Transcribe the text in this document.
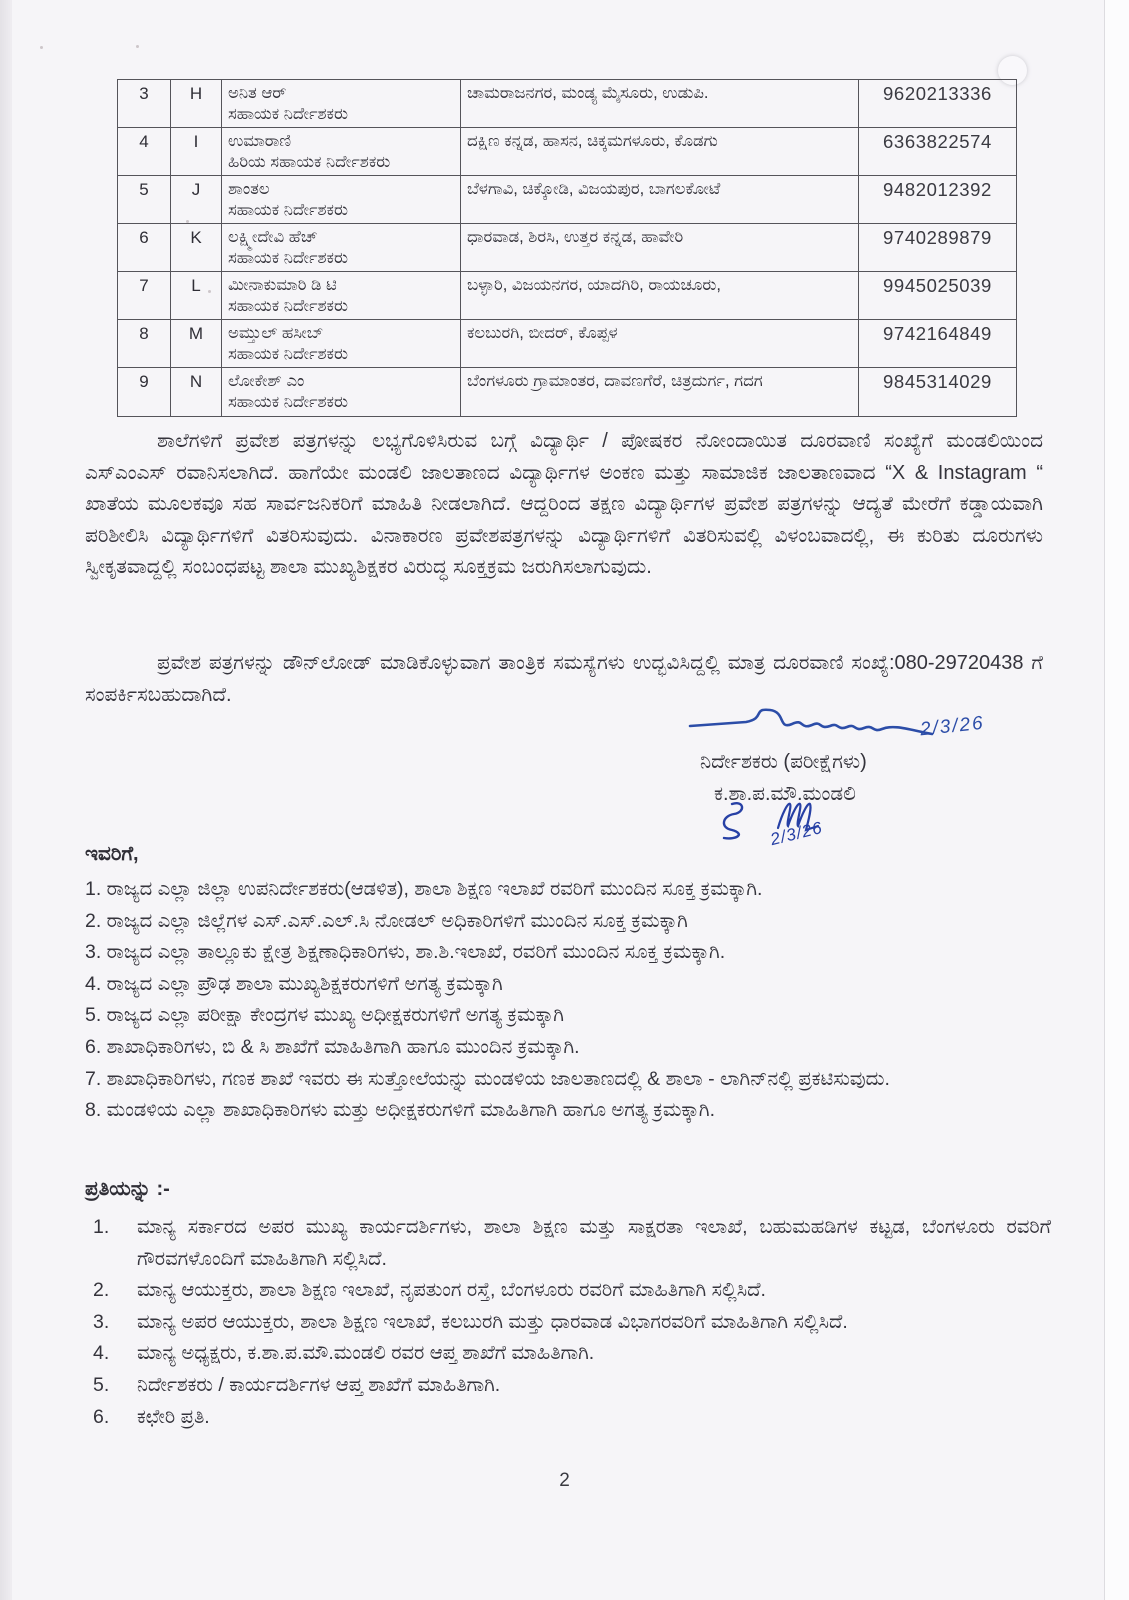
3	H	ಅನಿತ ಆರ್
ಸಹಾಯಕ ನಿರ್ದೇಶಕರು	ಚಾಮರಾಜನಗರ, ಮಂಡ್ಯ ಮೈಸೂರು, ಉಡುಪಿ.	9620213336
4	I	ಉಮಾರಾಣಿ
ಹಿರಿಯ ಸಹಾಯಕ ನಿರ್ದೇಶಕರು	ದಕ್ಷಿಣ ಕನ್ನಡ, ಹಾಸನ, ಚಿಕ್ಕಮಗಳೂರು, ಕೊಡಗು	6363822574
5	J	ಶಾಂತಲ
ಸಹಾಯಕ ನಿರ್ದೇಶಕರು	ಬೆಳಗಾವಿ, ಚಿಕ್ಕೋಡಿ, ವಿಜಯಪುರ, ಬಾಗಲಕೋಟೆ	9482012392
6	K	ಲಕ್ಷ್ಮೀದೇವಿ ಹೆಚ್
ಸಹಾಯಕ ನಿರ್ದೇಶಕರು	ಧಾರವಾಡ, ಶಿರಸಿ, ಉತ್ತರ ಕನ್ನಡ, ಹಾವೇರಿ	9740289879
7	L	ಮೀನಾಕುಮಾರಿ ಡಿ ಟಿ
ಸಹಾಯಕ ನಿರ್ದೇಶಕರು	ಬಳ್ಳಾರಿ, ವಿಜಯನಗರ, ಯಾದಗಿರಿ, ರಾಯಚೂರು,	9945025039
8	M	ಅಮ್ತುಲ್ ಹಸೀಬ್
ಸಹಾಯಕ ನಿರ್ದೇಶಕರು	ಕಲಬುರಗಿ, ಬೀದರ್, ಕೊಪ್ಪಳ	9742164849
9	N	ಲೋಕೇಶ್ ಎಂ
ಸಹಾಯಕ ನಿರ್ದೇಶಕರು	ಬೆಂಗಳೂರು ಗ್ರಾಮಾಂತರ, ದಾವಣಗೆರೆ, ಚಿತ್ರದುರ್ಗ, ಗದಗ	9845314029
ಶಾಲೆಗಳಿಗೆ ಪ್ರವೇಶ ಪತ್ರಗಳನ್ನು ಲಭ್ಯಗೊಳಿಸಿರುವ ಬಗ್ಗೆ ವಿದ್ಯಾರ್ಥಿ / ಪೋಷಕರ ನೋಂದಾಯಿತ ದೂರವಾಣಿ ಸಂಖ್ಯೆಗೆ ಮಂಡಲಿಯಿಂದ ಎಸ್‌ಎಂಎಸ್ ರವಾನಿಸಲಾಗಿದೆ. ಹಾಗೆಯೇ ಮಂಡಲಿ ಜಾಲತಾಣದ ವಿದ್ಯಾರ್ಥಿಗಳ ಅಂಕಣ ಮತ್ತು ಸಾಮಾಜಿಕ ಜಾಲತಾಣವಾದ “X & Instagram “ ಖಾತೆಯ ಮೂಲಕವೂ ಸಹ ಸಾರ್ವಜನಿಕರಿಗೆ ಮಾಹಿತಿ ನೀಡಲಾಗಿದೆ. ಆದ್ದರಿಂದ ತಕ್ಷಣ ವಿದ್ಯಾರ್ಥಿಗಳ ಪ್ರವೇಶ ಪತ್ರಗಳನ್ನು ಆದ್ಯತೆ ಮೇರೆಗೆ ಕಡ್ಡಾಯವಾಗಿ ಪರಿಶೀಲಿಸಿ ವಿದ್ಯಾರ್ಥಿಗಳಿಗೆ ವಿತರಿಸುವುದು. ವಿನಾಕಾರಣ ಪ್ರವೇಶಪತ್ರಗಳನ್ನು ವಿದ್ಯಾರ್ಥಿಗಳಿಗೆ ವಿತರಿಸುವಲ್ಲಿ ವಿಳಂಬವಾದಲ್ಲಿ, ಈ ಕುರಿತು ದೂರುಗಳು ಸ್ವೀಕೃತವಾದ್ದಲ್ಲಿ ಸಂಬಂಧಪಟ್ಟ ಶಾಲಾ ಮುಖ್ಯಶಿಕ್ಷಕರ ವಿರುದ್ಧ ಸೂಕ್ತಕ್ರಮ ಜರುಗಿಸಲಾಗುವುದು.
ಪ್ರವೇಶ ಪತ್ರಗಳನ್ನು ಡೌನ್‌ಲೋಡ್ ಮಾಡಿಕೊಳ್ಳುವಾಗ ತಾಂತ್ರಿಕ ಸಮಸ್ಯೆಗಳು ಉದ್ಭವಿಸಿದ್ದಲ್ಲಿ ಮಾತ್ರ ದೂರವಾಣಿ ಸಂಖ್ಯೆ:080-29720438 ಗೆ ಸಂಪರ್ಕಿಸಬಹುದಾಗಿದೆ.
2/3/26
ನಿರ್ದೇಶಕರು (ಪರೀಕ್ಷೆಗಳು)
ಕ.ಶಾ.ಪ.ಮೌ.ಮಂಡಲಿ
2/3/26
ಇವರಿಗೆ,
1. ರಾಜ್ಯದ ಎಲ್ಲಾ ಜಿಲ್ಲಾ ಉಪನಿರ್ದೇಶಕರು(ಆಡಳಿತ), ಶಾಲಾ ಶಿಕ್ಷಣ ಇಲಾಖೆ ರವರಿಗೆ ಮುಂದಿನ ಸೂಕ್ತ ಕ್ರಮಕ್ಕಾಗಿ.
2. ರಾಜ್ಯದ ಎಲ್ಲಾ ಜಿಲ್ಲೆಗಳ ಎಸ್.ಎಸ್.ಎಲ್.ಸಿ ನೋಡಲ್ ಅಧಿಕಾರಿಗಳಿಗೆ ಮುಂದಿನ ಸೂಕ್ತ ಕ್ರಮಕ್ಕಾಗಿ
3. ರಾಜ್ಯದ ಎಲ್ಲಾ ತಾಲ್ಲೂಕು ಕ್ಷೇತ್ರ ಶಿಕ್ಷಣಾಧಿಕಾರಿಗಳು, ಶಾ.ಶಿ.ಇಲಾಖೆ, ರವರಿಗೆ ಮುಂದಿನ ಸೂಕ್ತ ಕ್ರಮಕ್ಕಾಗಿ.
4. ರಾಜ್ಯದ ಎಲ್ಲಾ ಪ್ರೌಢ ಶಾಲಾ ಮುಖ್ಯಶಿಕ್ಷಕರುಗಳಿಗೆ ಅಗತ್ಯ ಕ್ರಮಕ್ಕಾಗಿ
5. ರಾಜ್ಯದ ಎಲ್ಲಾ ಪರೀಕ್ಷಾ ಕೇಂದ್ರಗಳ ಮುಖ್ಯ ಅಧೀಕ್ಷಕರುಗಳಿಗೆ ಅಗತ್ಯ ಕ್ರಮಕ್ಕಾಗಿ
6. ಶಾಖಾಧಿಕಾರಿಗಳು, ಬಿ & ಸಿ ಶಾಖೆಗೆ ಮಾಹಿತಿಗಾಗಿ ಹಾಗೂ ಮುಂದಿನ ಕ್ರಮಕ್ಕಾಗಿ.
7. ಶಾಖಾಧಿಕಾರಿಗಳು, ಗಣಕ ಶಾಖೆ ಇವರು ಈ ಸುತ್ತೋಲೆಯನ್ನು ಮಂಡಳಿಯ ಜಾಲತಾಣದಲ್ಲಿ & ಶಾಲಾ - ಲಾಗಿನ್‌ನಲ್ಲಿ ಪ್ರಕಟಿಸುವುದು.
8. ಮಂಡಳಿಯ ಎಲ್ಲಾ ಶಾಖಾಧಿಕಾರಿಗಳು ಮತ್ತು ಅಧೀಕ್ಷಕರುಗಳಿಗೆ ಮಾಹಿತಿಗಾಗಿ ಹಾಗೂ ಅಗತ್ಯ ಕ್ರಮಕ್ಕಾಗಿ.
ಪ್ರತಿಯನ್ನು :-
1.	ಮಾನ್ಯ ಸರ್ಕಾರದ ಅಪರ ಮುಖ್ಯ ಕಾರ್ಯದರ್ಶಿಗಳು, ಶಾಲಾ ಶಿಕ್ಷಣ ಮತ್ತು ಸಾಕ್ಷರತಾ ಇಲಾಖೆ, ಬಹುಮಹಡಿಗಳ ಕಟ್ಟಡ, ಬೆಂಗಳೂರು ರವರಿಗೆ ಗೌರವಗಳೊಂದಿಗೆ ಮಾಹಿತಿಗಾಗಿ ಸಲ್ಲಿಸಿದೆ.
2.	ಮಾನ್ಯ ಆಯುಕ್ತರು, ಶಾಲಾ ಶಿಕ್ಷಣ ಇಲಾಖೆ, ನೃಪತುಂಗ ರಸ್ತೆ, ಬೆಂಗಳೂರು ರವರಿಗೆ ಮಾಹಿತಿಗಾಗಿ ಸಲ್ಲಿಸಿದೆ.
3.	ಮಾನ್ಯ ಅಪರ ಆಯುಕ್ತರು, ಶಾಲಾ ಶಿಕ್ಷಣ ಇಲಾಖೆ, ಕಲಬುರಗಿ ಮತ್ತು ಧಾರವಾಡ ವಿಭಾಗರವರಿಗೆ ಮಾಹಿತಿಗಾಗಿ ಸಲ್ಲಿಸಿದೆ.
4.	ಮಾನ್ಯ ಅಧ್ಯಕ್ಷರು, ಕ.ಶಾ.ಪ.ಮೌ.ಮಂಡಲಿ ರವರ ಆಪ್ತ ಶಾಖೆಗೆ ಮಾಹಿತಿಗಾಗಿ.
5.	ನಿರ್ದೇಶಕರು / ಕಾರ್ಯದರ್ಶಿಗಳ ಆಪ್ತ ಶಾಖೆಗೆ ಮಾಹಿತಿಗಾಗಿ.
6.	ಕಛೇರಿ ಪ್ರತಿ.
2
